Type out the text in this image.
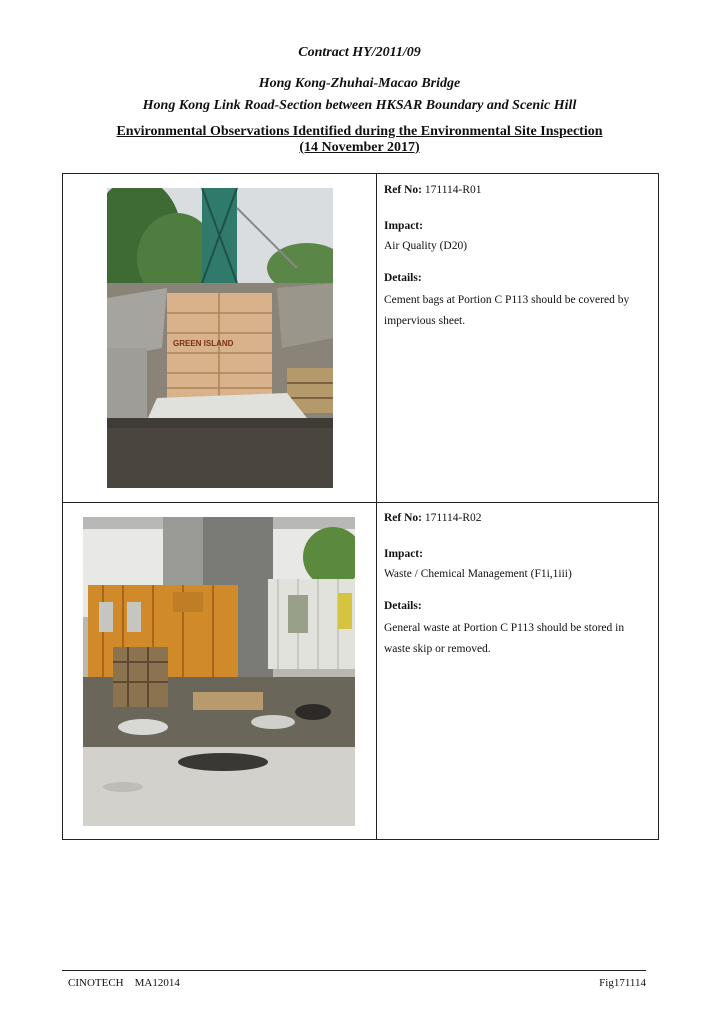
Contract HY/2011/09
Hong Kong-Zhuhai-Macao Bridge
Hong Kong Link Road-Section between HKSAR Boundary and Scenic Hill
Environmental Observations Identified during the Environmental Site Inspection
(14 November 2017)
GREEN ISLAND
Ref No: 171114-R01
Impact:
Air Quality (D20)
Details:
Cement bags at Portion C P113 should be covered by impervious sheet.
Ref No: 171114-R02
Impact:
Waste / Chemical Management (F1i,1iii)
Details:
General waste at Portion C P113 should be stored in waste skip or removed.
CINOTECH    MA12014	Fig171114
